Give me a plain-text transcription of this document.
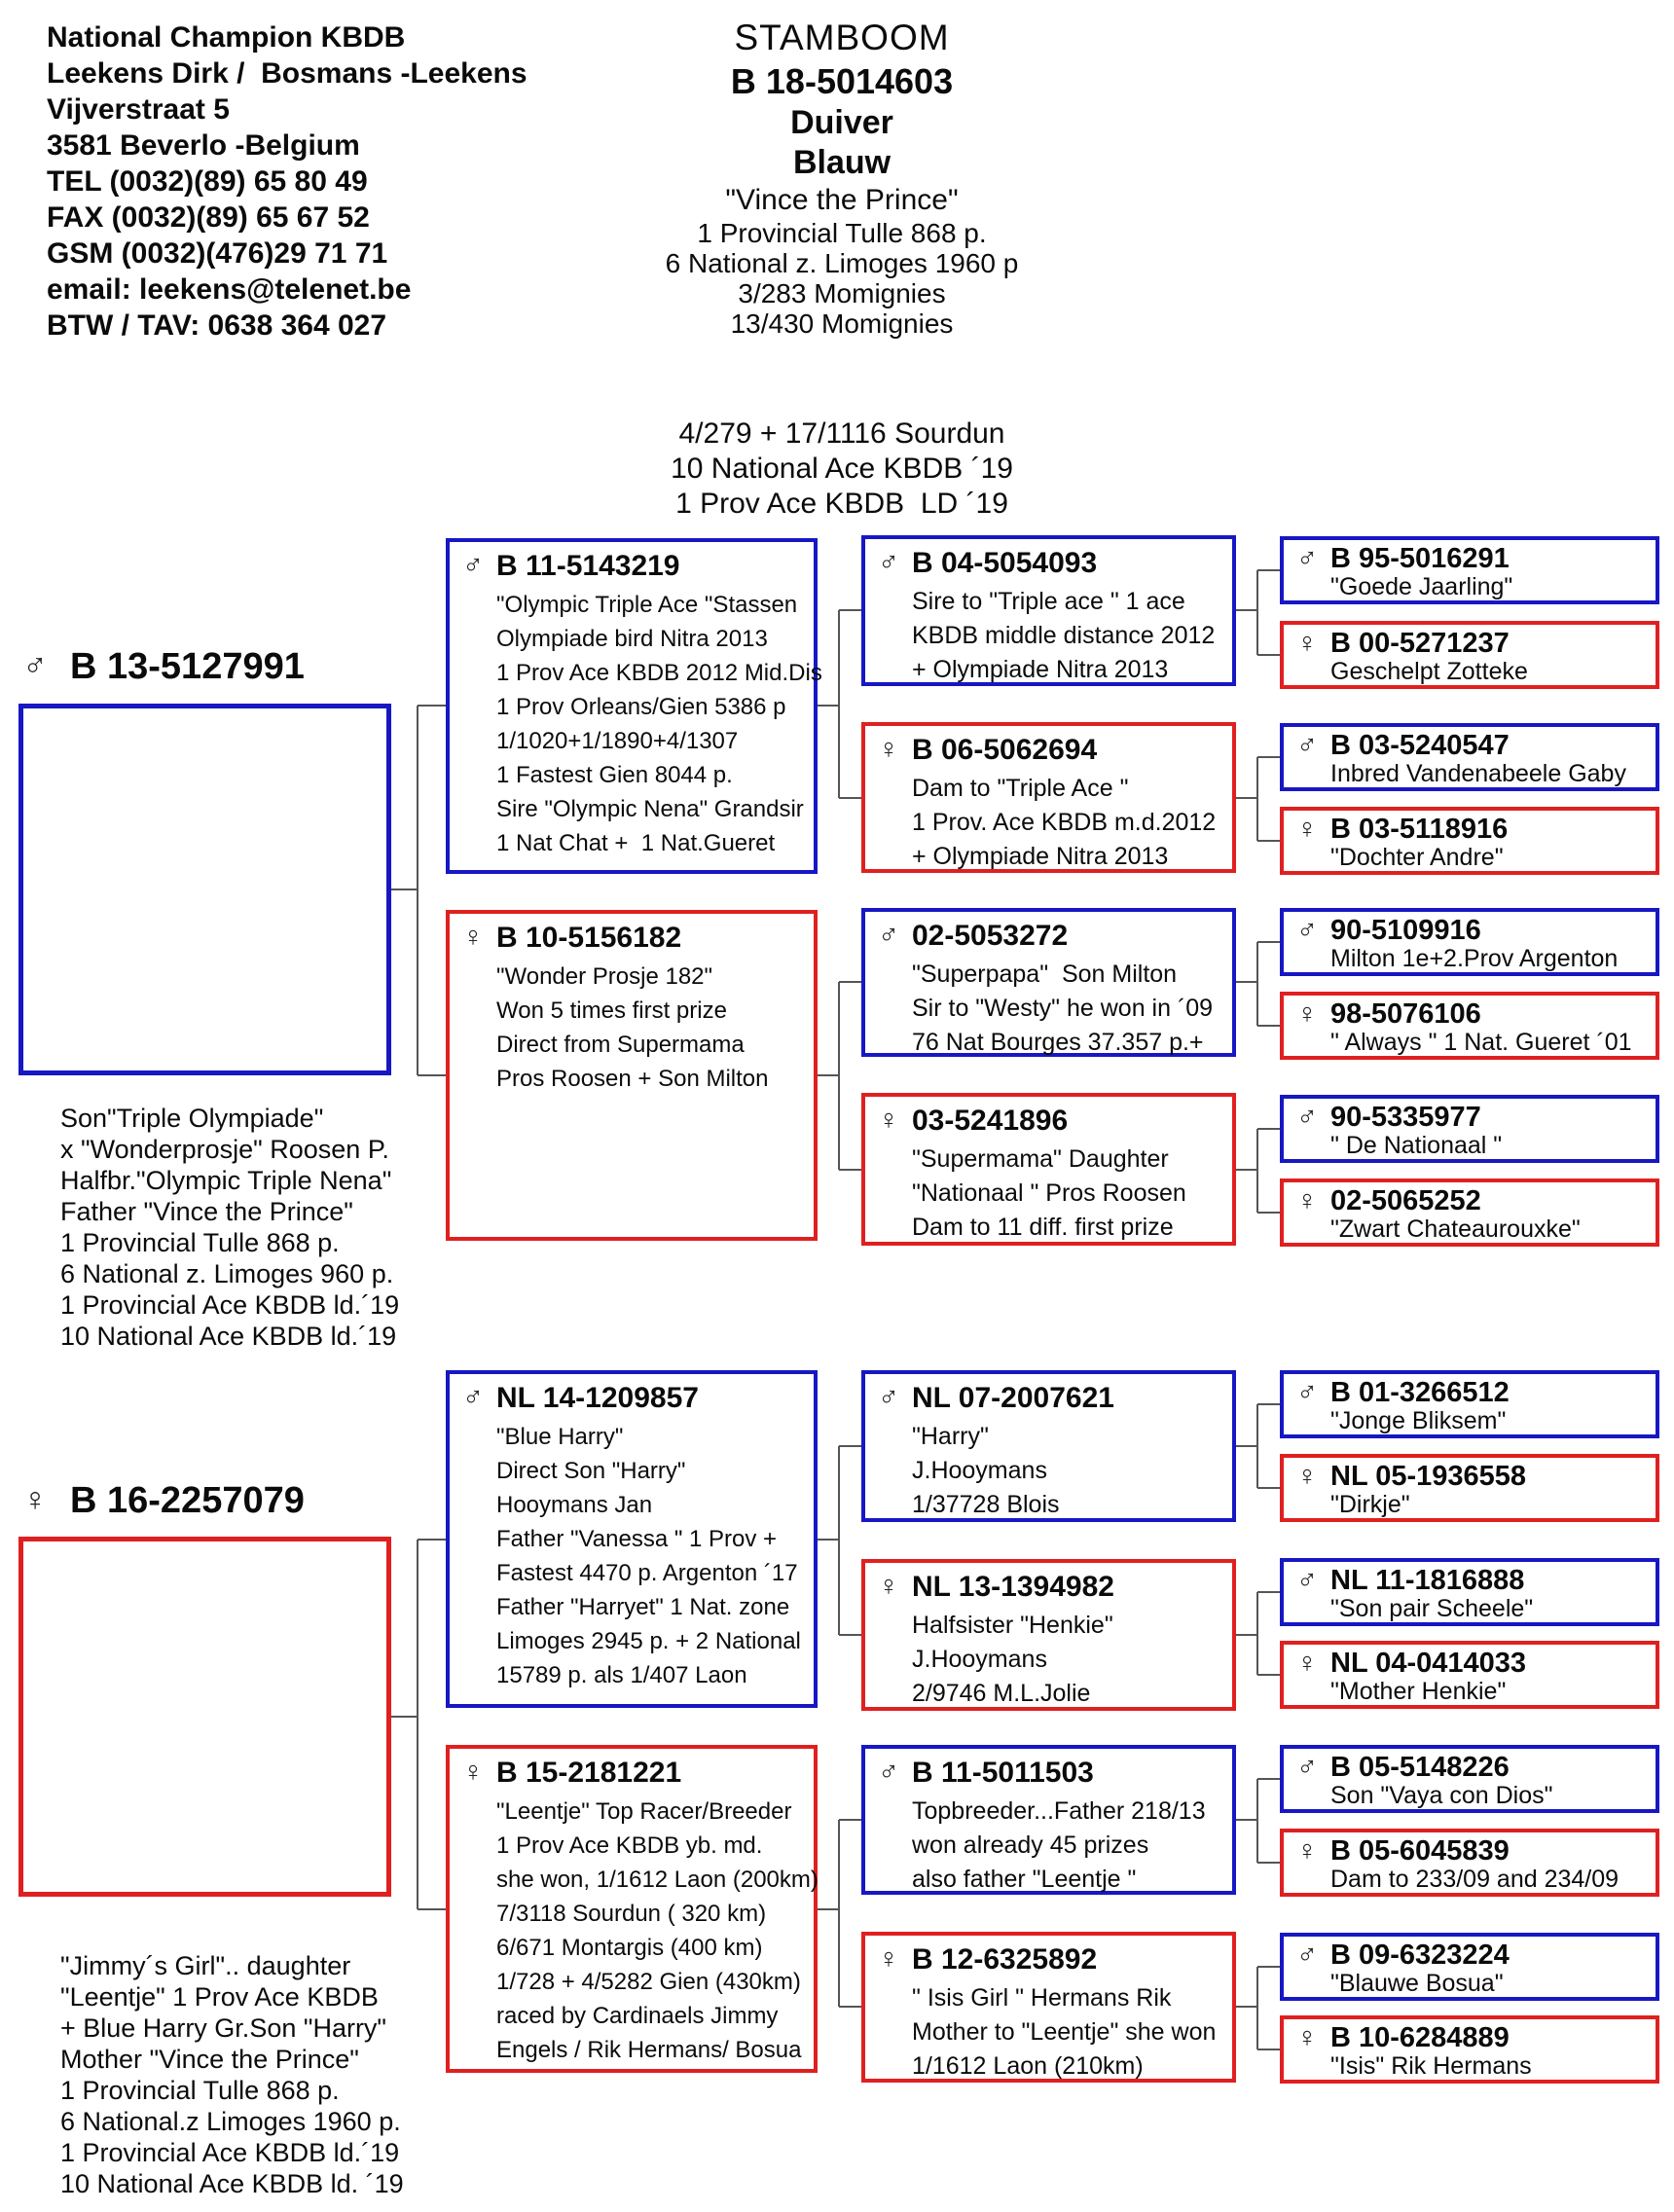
National Champion KBDB
Leekens Dirk /  Bosmans -Leekens
Vijverstraat 5
3581 Beverlo -Belgium
TEL (0032)(89) 65 80 49
FAX (0032)(89) 65 67 52
GSM (0032)(476)29 71 71
email: leekens@telenet.be
BTW / TAV: 0638 364 027
STAMBOOM
B 18-5014603
Duiver
Blauw
"Vince the Prince"
1 Provincial Tulle 868 p.
6 National z. Limoges 1960 p
3/283 Momignies
13/430 Momignies
4/279 + 17/1116 Sourdun
10 National Ace KBDB ´19
1 Prov Ace KBDB  LD ´19
♂ B 13-5127991
Son"Triple Olympiade"
x "Wonderprosje" Roosen P.
Halfbr."Olympic Triple Nena"
Father "Vince the Prince"
1 Provincial Tulle 868 p.
6 National z. Limoges 960 p.
1 Provincial Ace KBDB ld.´19
10 National Ace KBDB ld.´19
♀ B 16-2257079
"Jimmy´s Girl".. daughter
"Leentje" 1 Prov Ace KBDB
+ Blue Harry Gr.Son "Harry"
Mother "Vince the Prince"
1 Provincial Tulle 868 p.
6 National.z Limoges 1960 p.
1 Provincial Ace KBDB ld.´19
10 National Ace KBDB ld. ´19
♂ B 11-5143219
"Olympic Triple Ace "Stassen
Olympiade bird Nitra 2013
1 Prov Ace KBDB 2012 Mid.Dis
1 Prov Orleans/Gien 5386 p
1/1020+1/1890+4/1307
1 Fastest Gien 8044 p.
Sire "Olympic Nena" Grandsir
1 Nat Chat +  1 Nat.Gueret
♀ B 10-5156182
"Wonder Prosje 182"
Won 5 times first prize
Direct from Supermama
Pros Roosen + Son Milton
♂ NL 14-1209857
"Blue Harry"
Direct Son "Harry"
Hooymans Jan
Father "Vanessa " 1 Prov +
Fastest 4470 p. Argenton ´17
Father "Harryet" 1 Nat. zone
Limoges 2945 p. + 2 National
15789 p. als 1/407 Laon
♀ B 15-2181221
"Leentje" Top Racer/Breeder
1 Prov Ace KBDB yb. md.
she won, 1/1612 Laon (200km)
7/3118 Sourdun ( 320 km)
6/671 Montargis (400 km)
1/728 + 4/5282 Gien (430km)
raced by Cardinaels Jimmy
Engels / Rik Hermans/ Bosua
♂ B 04-5054093
Sire to "Triple ace " 1 ace
KBDB middle distance 2012
+ Olympiade Nitra 2013
♀ B 06-5062694
Dam to "Triple Ace "
1 Prov. Ace KBDB m.d.2012
+ Olympiade Nitra 2013
♂ 02-5053272
"Superpapa"  Son Milton
Sir to "Westy" he won in ´09
76 Nat Bourges 37.357 p.+
♀ 03-5241896
"Supermama" Daughter
"Nationaal " Pros Roosen
Dam to 11 diff. first prize
♂ NL 07-2007621
"Harry"
J.Hooymans
1/37728 Blois
♀ NL 13-1394982
Halfsister "Henkie"
J.Hooymans
2/9746 M.L.Jolie
♂ B 11-5011503
Topbreeder...Father 218/13
won already 45 prizes
also father "Leentje "
♀ B 12-6325892
" Isis Girl " Hermans Rik
Mother to "Leentje" she won
1/1612 Laon (210km)
♂ B 95-5016291
"Goede Jaarling"
♀ B 00-5271237
Geschelpt Zotteke
♂ B 03-5240547
Inbred Vandenabeele Gaby
♀ B 03-5118916
"Dochter Andre"
♂ 90-5109916
Milton 1e+2.Prov Argenton
♀ 98-5076106
" Always " 1 Nat. Gueret ´01
♂ 90-5335977
" De Nationaal "
♀ 02-5065252
"Zwart Chateaurouxke"
♂ B 01-3266512
"Jonge Bliksem"
♀ NL 05-1936558
"Dirkje"
♂ NL 11-1816888
"Son pair Scheele"
♀ NL 04-0414033
"Mother Henkie"
♂ B 05-5148226
Son "Vaya con Dios"
♀ B 05-6045839
Dam to 233/09 and 234/09
♂ B 09-6323224
"Blauwe Bosua"
♀ B 10-6284889
"Isis" Rik Hermans
